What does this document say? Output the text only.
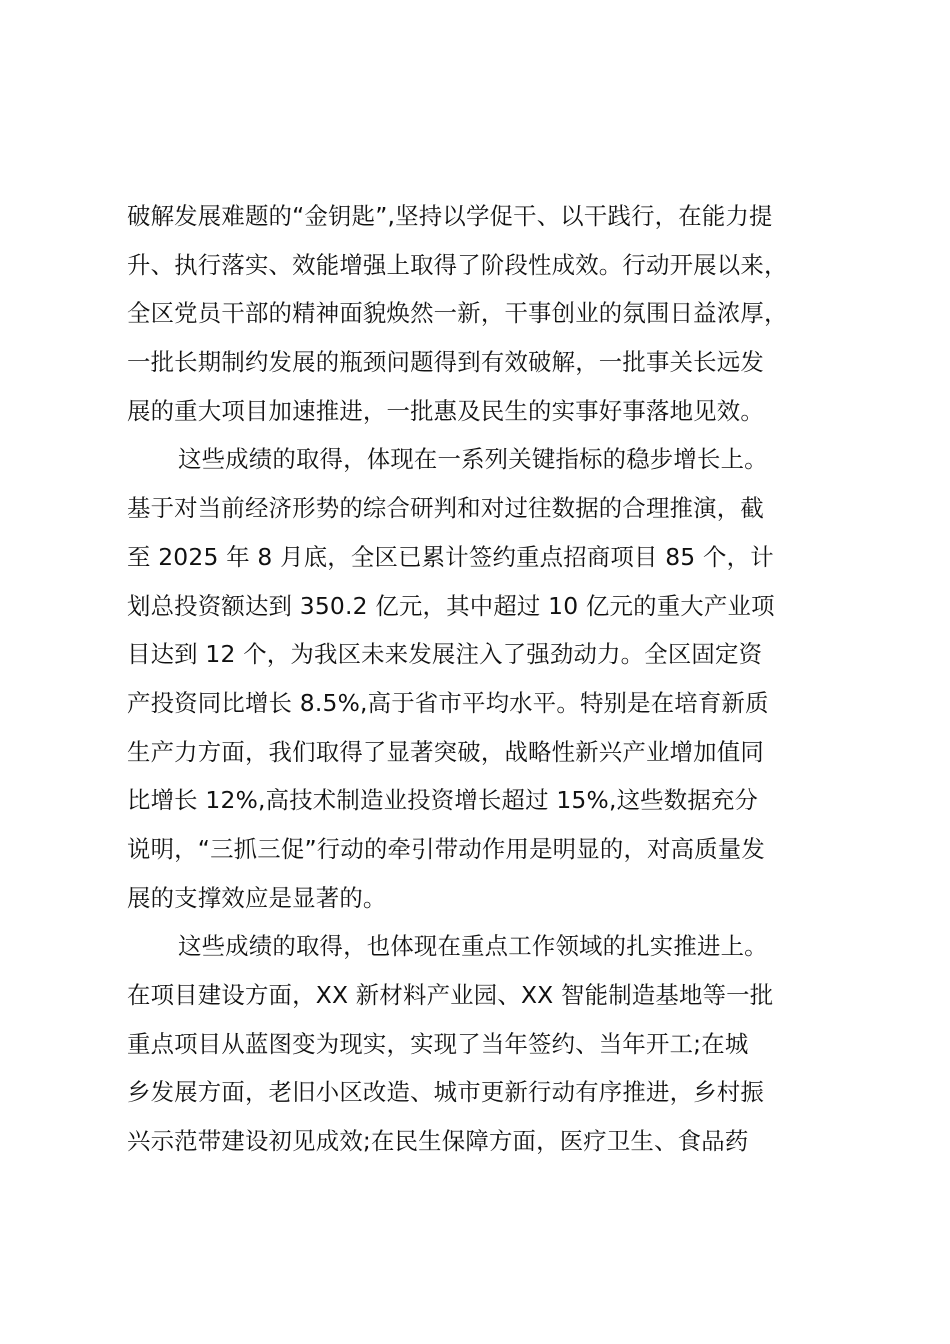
破解发展难题的“金钥匙”,坚持以学促干、以干践行，在能力提
升、执行落实、效能增强上取得了阶段性成效。行动开展以来，
全区党员干部的精神面貌焕然一新，干事创业的氛围日益浓厚，
一批长期制约发展的瓶颈问题得到有效破解，一批事关长远发
展的重大项目加速推进，一批惠及民生的实事好事落地见效。
这些成绩的取得，体现在一系列关键指标的稳步增长上。
基于对当前经济形势的综合研判和对过往数据的合理推演，截
至 2025 年 8 月底，全区已累计签约重点招商项目 85 个，计
划总投资额达到 350.2 亿元，其中超过 10 亿元的重大产业项
目达到 12 个，为我区未来发展注入了强劲动力。全区固定资
产投资同比增长 8.5%,高于省市平均水平。特别是在培育新质
生产力方面，我们取得了显著突破，战略性新兴产业增加值同
比增长 12%,高技术制造业投资增长超过 15%,这些数据充分
说明，“三抓三促”行动的牵引带动作用是明显的，对高质量发
展的支撑效应是显著的。
这些成绩的取得，也体现在重点工作领域的扎实推进上。
在项目建设方面，XX 新材料产业园、XX 智能制造基地等一批
重点项目从蓝图变为现实，实现了当年签约、当年开工;在城
乡发展方面，老旧小区改造、城市更新行动有序推进，乡村振
兴示范带建设初见成效;在民生保障方面，医疗卫生、食品药
